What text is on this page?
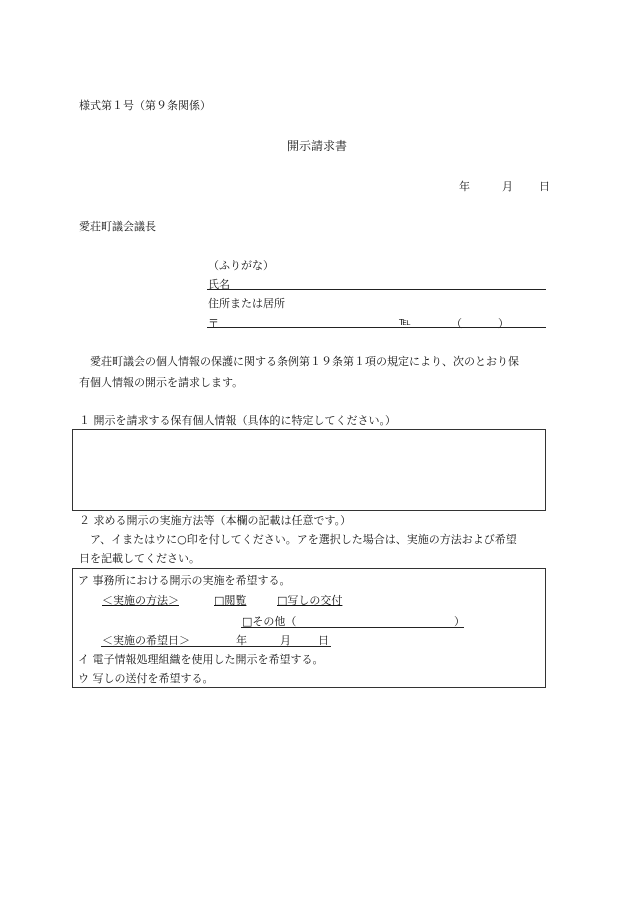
様式第１号（第９条関係）
開示請求書
年	月 日
愛荘町議会議長
（ふりがな）
氏名
住所または居所
〒	℡	（	）
愛荘町議会の個人情報の保護に関する条例第１９条第１項の規定により、次のとおり保
有個人情報の開示を請求します。
１ 開示を請求する保有個人情報（具体的に特定してください。）
２ 求める開示の実施方法等（本欄の記載は任意です。）
ア、イまたはウに○印を付してください。アを選択した場合は、実施の方法および希望
日を記載してください。
ア 事務所における開示の実施を希望する。
＜実施の方法＞	□閲覧	□写しの交付
□その他（	）
＜実施の希望日＞	年	月 日
イ 電子情報処理組織を使用した開示を希望する。
ウ 写しの送付を希望する。
